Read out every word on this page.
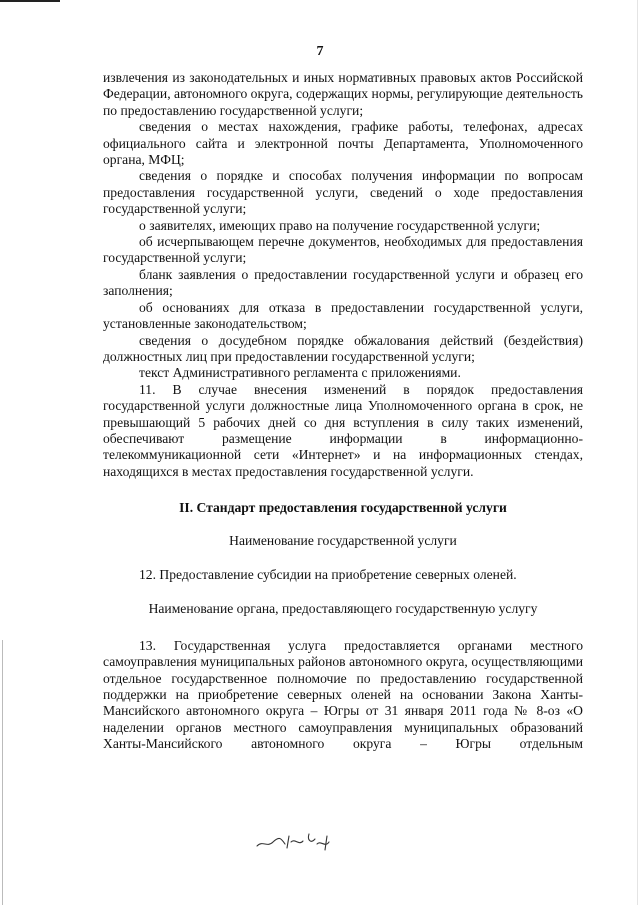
7

извлечения из законодательных и иных нормативных правовых актов Российской Федерации, автономного округа, содержащих нормы, регулирующие деятельность по предоставлению государственной услуги;

сведения о местах нахождения, графике работы, телефонах, адресах официального сайта и электронной почты Департамента, Уполномоченного органа, МФЦ;

сведения о порядке и способах получения информации по вопросам предоставления государственной услуги, сведений о ходе предоставления государственной услуги;

о заявителях, имеющих право на получение государственной услуги;

об исчерпывающем перечне документов, необходимых для предоставления государственной услуги;

бланк заявления о предоставлении государственной услуги и образец его заполнения;

об основаниях для отказа в предоставлении государственной услуги, установленные законодательством;

сведения о досудебном порядке обжалования действий (бездействия) должностных лиц при предоставлении государственной услуги;

текст Административного регламента с приложениями.

11. В случае внесения изменений в порядок предоставления государственной услуги должностные лица Уполномоченного органа в срок, не превышающий 5 рабочих дней со дня вступления в силу таких изменений, обеспечивают размещение информации в информационно-телекоммуникационной сети «Интернет» и на информационных стендах, находящихся в местах предоставления государственной услуги.

II. Стандарт предоставления государственной услуги

Наименование государственной услуги

12. Предоставление субсидии на приобретение северных оленей.

Наименование органа, предоставляющего государственную услугу

13. Государственная услуга предоставляется органами местного самоуправления муниципальных районов автономного округа, осуществляющими отдельное государственное полномочие по предоставлению государственной поддержки на приобретение северных оленей на основании Закона Ханты-Мансийского автономного округа – Югры от 31 января 2011 года № 8-оз «О наделении органов местного самоуправления муниципальных образований Ханты-Мансийского автономного округа – Югры отдельным
